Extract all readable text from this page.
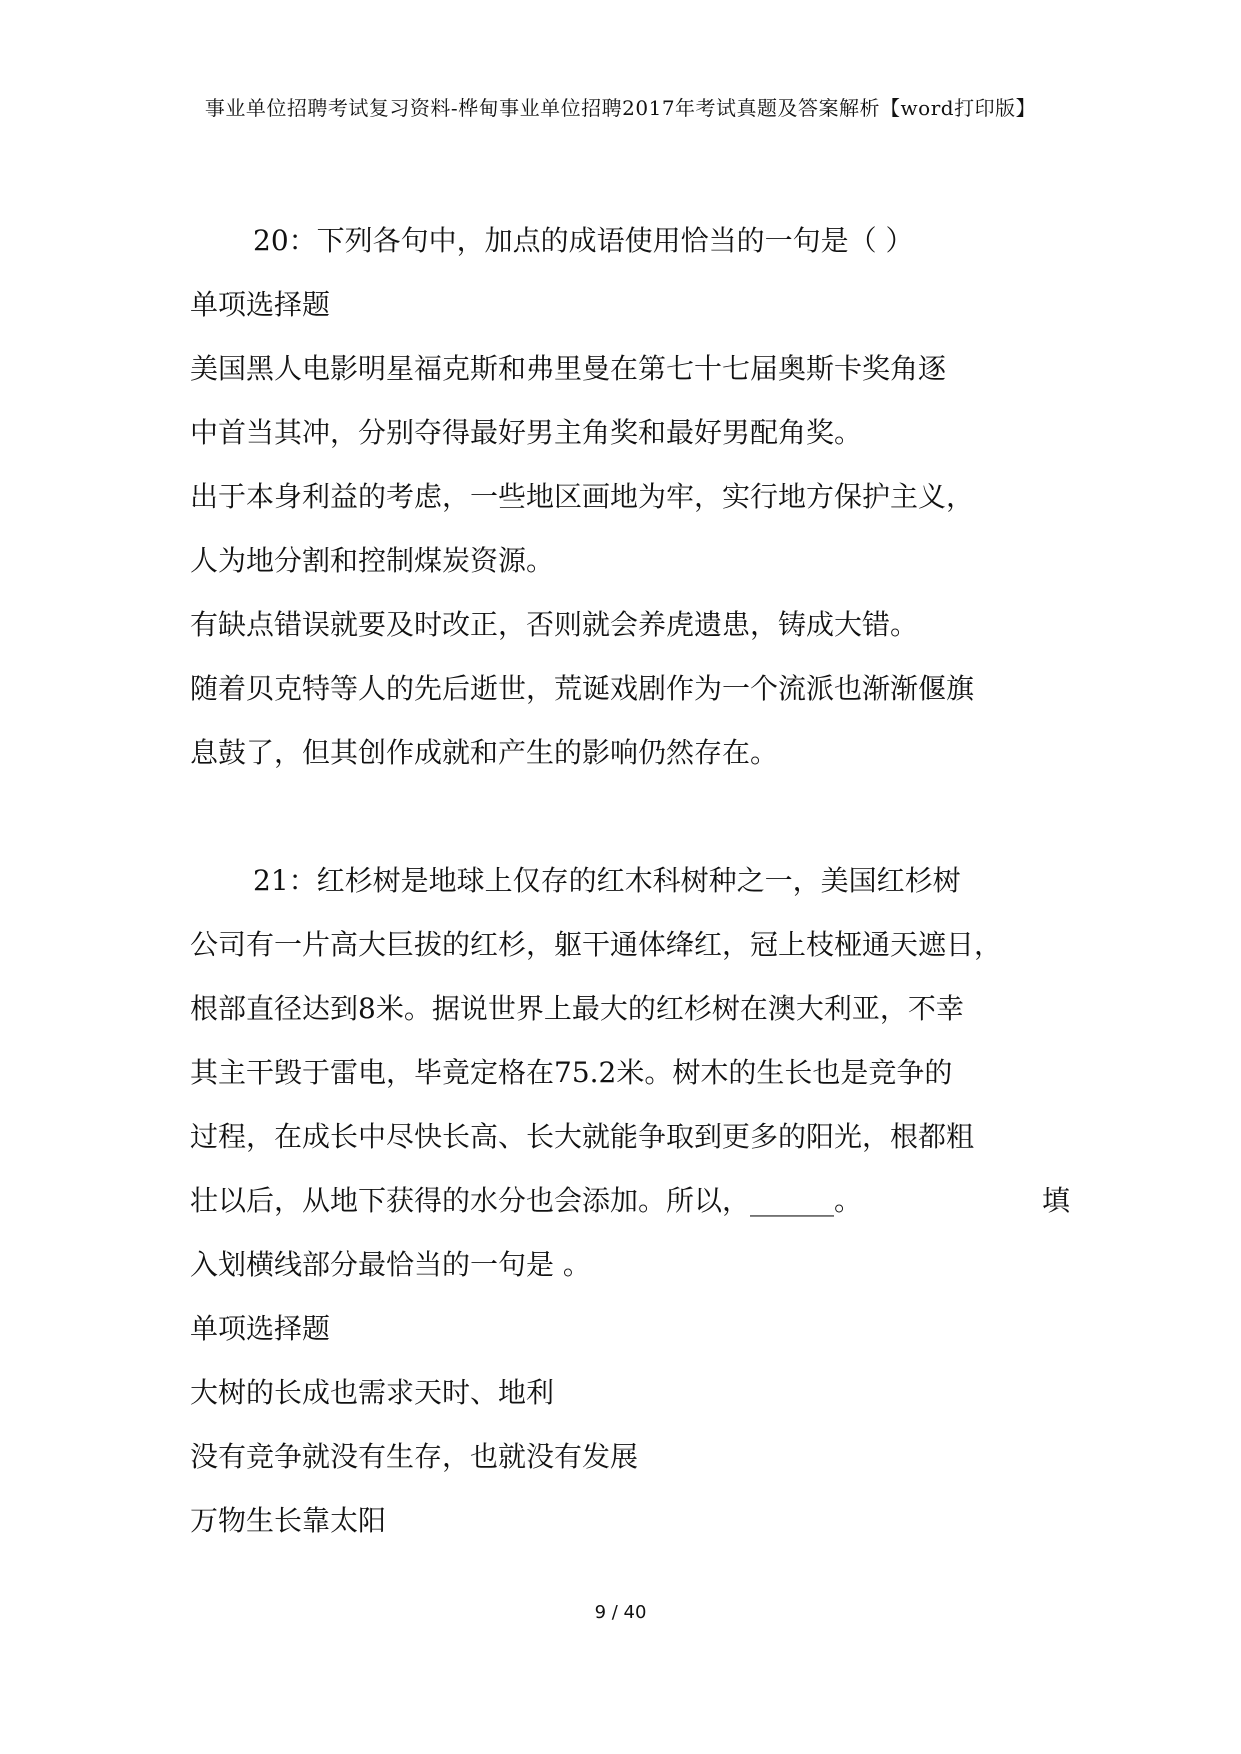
事业单位招聘考试复习资料-桦甸事业单位招聘2017年考试真题及答案解析【word打印版】
20：下列各句中，加点的成语使用恰当的一句是（ ）
单项选择题
美国黑人电影明星福克斯和弗里曼在第七十七届奥斯卡奖角逐
中首当其冲，分别夺得最好男主角奖和最好男配角奖。
出于本身利益的考虑，一些地区画地为牢，实行地方保护主义，
人为地分割和控制煤炭资源。
有缺点错误就要及时改正，否则就会养虎遗患，铸成大错。
随着贝克特等人的先后逝世，荒诞戏剧作为一个流派也渐渐偃旗
息鼓了，但其创作成就和产生的影响仍然存在。
21：红杉树是地球上仅存的红木科树种之一，美国红杉树
公司有一片高大巨拔的红杉，躯干通体绛红，冠上枝桠通天遮日，
根部直径达到8米。据说世界上最大的红杉树在澳大利亚，不幸
其主干毁于雷电，毕竟定格在75.2米。树木的生长也是竞争的
过程，在成长中尽快长高、长大就能争取到更多的阳光，根都粗
壮以后，从地下获得的水分也会添加。所以，______。	填
入划横线部分最恰当的一句是 。
单项选择题
大树的长成也需求天时、地利
没有竞争就没有生存，也就没有发展
万物生长靠太阳
9 / 40
